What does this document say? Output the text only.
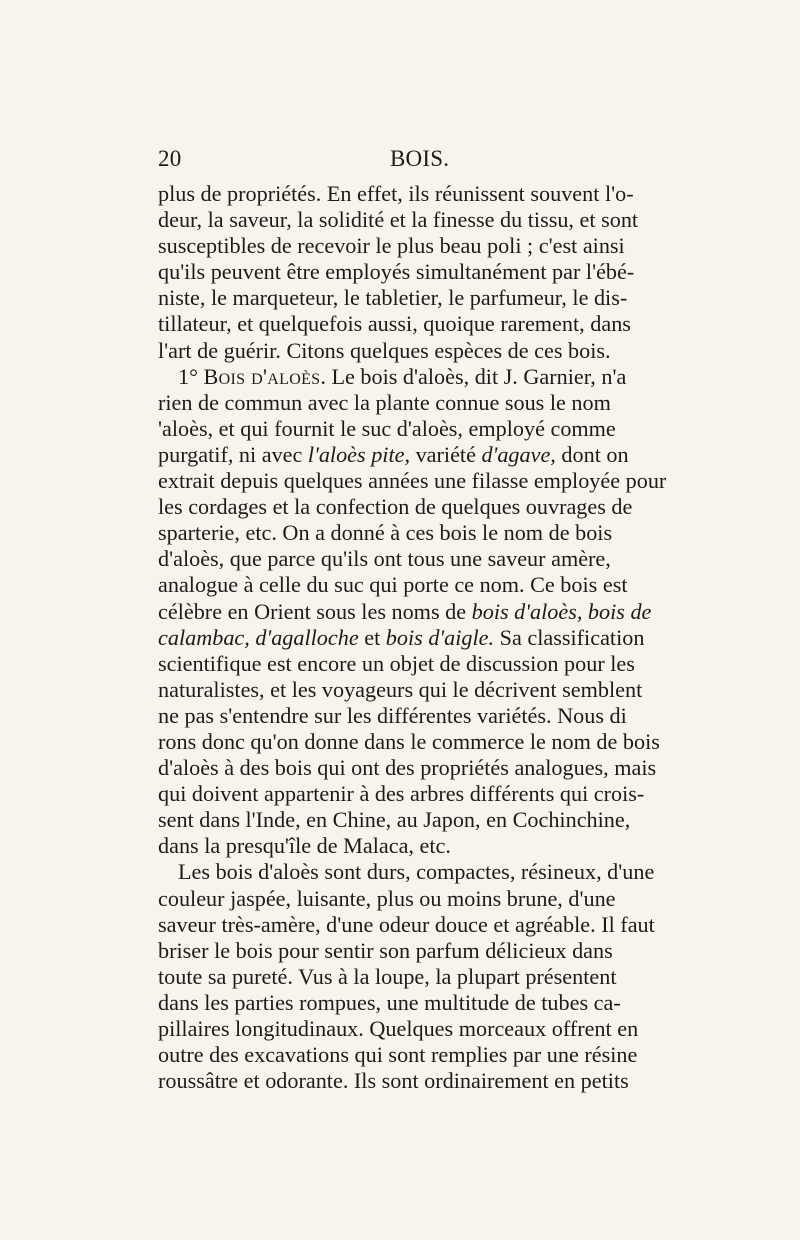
20	BOIS.
plus de propriétés. En effet, ils réunissent souvent l'o-
deur, la saveur, la solidité et la finesse du tissu, et sont
susceptibles de recevoir le plus beau poli ; c'est ainsi
qu'ils peuvent être employés simultanément par l'ébé-
niste, le marqueteur, le tabletier, le parfumeur, le dis-
tillateur, et quelquefois aussi, quoique rarement, dans
l'art de guérir. Citons quelques espèces de ces bois.
1° Bois d'aloès. Le bois d'aloès, dit J. Garnier, n'a
rien de commun avec la plante connue sous le nom
'aloès, et qui fournit le suc d'aloès, employé comme
purgatif, ni avec l'aloès pite, variété d'agave, dont on
extrait depuis quelques années une filasse employée pour
les cordages et la confection de quelques ouvrages de
sparterie, etc. On a donné à ces bois le nom de bois
d'aloès, que parce qu'ils ont tous une saveur amère,
analogue à celle du suc qui porte ce nom. Ce bois est
célèbre en Orient sous les noms de bois d'aloès, bois de
calambac, d'agalloche et bois d'aigle. Sa classification
scientifique est encore un objet de discussion pour les
naturalistes, et les voyageurs qui le décrivent semblent
ne pas s'entendre sur les différentes variétés. Nous di
rons donc qu'on donne dans le commerce le nom de bois
d'aloès à des bois qui ont des propriétés analogues, mais
qui doivent appartenir à des arbres différents qui crois-
sent dans l'Inde, en Chine, au Japon, en Cochinchine,
dans la presqu'île de Malaca, etc.
Les bois d'aloès sont durs, compactes, résineux, d'une
couleur jaspée, luisante, plus ou moins brune, d'une
saveur très-amère, d'une odeur douce et agréable. Il faut
briser le bois pour sentir son parfum délicieux dans
toute sa pureté. Vus à la loupe, la plupart présentent
dans les parties rompues, une multitude de tubes ca-
pillaires longitudinaux. Quelques morceaux offrent en
outre des excavations qui sont remplies par une résine
roussâtre et odorante. Ils sont ordinairement en petits
